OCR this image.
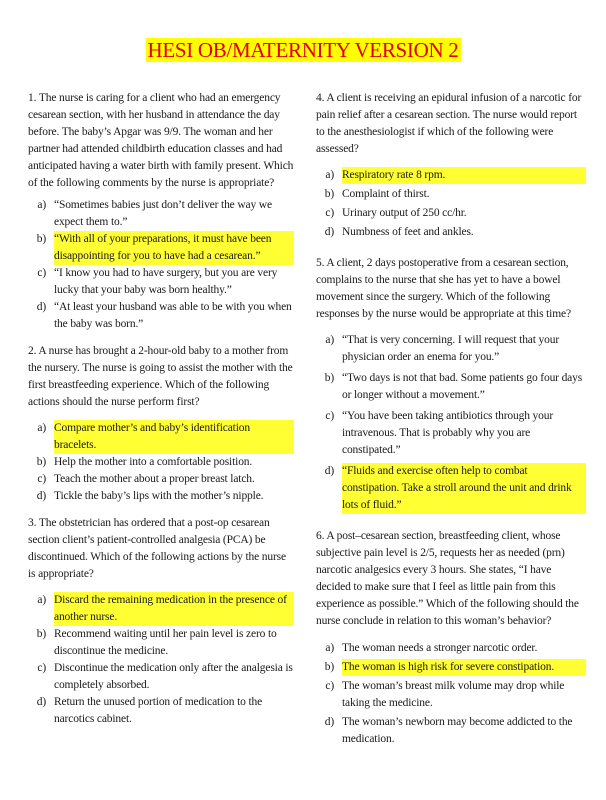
HESI OB/MATERNITY VERSION 2

1. The nurse is caring for a client who had an emergency cesarean section, with her husband in attendance the day before. The baby’s Apgar was 9/9. The woman and her partner had attended childbirth education classes and had anticipated having a water birth with family present. Which of the following comments by the nurse is appropriate?

a) “Sometimes babies just don’t deliver the way we expect them to.”
b) “With all of your preparations, it must have been disappointing for you to have had a cesarean.”
c) “I know you had to have surgery, but you are very lucky that your baby was born healthy.”
d) “At least your husband was able to be with you when the baby was born.”

2. A nurse has brought a 2-hour-old baby to a mother from the nursery. The nurse is going to assist the mother with the first breastfeeding experience. Which of the following actions should the nurse perform first?

a) Compare mother’s and baby’s identification bracelets.
b) Help the mother into a comfortable position.
c) Teach the mother about a proper breast latch.
d) Tickle the baby’s lips with the mother’s nipple.

3. The obstetrician has ordered that a post-op cesarean section client’s patient-controlled analgesia (PCA) be discontinued. Which of the following actions by the nurse is appropriate?

a) Discard the remaining medication in the presence of another nurse.
b) Recommend waiting until her pain level is zero to discontinue the medicine.
c) Discontinue the medication only after the analgesia is completely absorbed.
d) Return the unused portion of medication to the narcotics cabinet.

4. A client is receiving an epidural infusion of a narcotic for pain relief after a cesarean section. The nurse would report to the anesthesiologist if which of the following were assessed?

a) Respiratory rate 8 rpm.
b) Complaint of thirst.
c) Urinary output of 250 cc/hr.
d) Numbness of feet and ankles.

5. A client, 2 days postoperative from a cesarean section, complains to the nurse that she has yet to have a bowel movement since the surgery. Which of the following responses by the nurse would be appropriate at this time?

a) “That is very concerning. I will request that your physician order an enema for you.”
b) “Two days is not that bad. Some patients go four days or longer without a movement.”
c) “You have been taking antibiotics through your intravenous. That is probably why you are constipated.”
d) “Fluids and exercise often help to combat constipation. Take a stroll around the unit and drink lots of fluid.”

6. A post–cesarean section, breastfeeding client, whose subjective pain level is 2/5, requests her as needed (prn) narcotic analgesics every 3 hours. She states, “I have decided to make sure that I feel as little pain from this experience as possible.” Which of the following should the nurse conclude in relation to this woman’s behavior?

a) The woman needs a stronger narcotic order.
b) The woman is high risk for severe constipation.
c) The woman’s breast milk volume may drop while taking the medicine.
d) The woman’s newborn may become addicted to the medication.
